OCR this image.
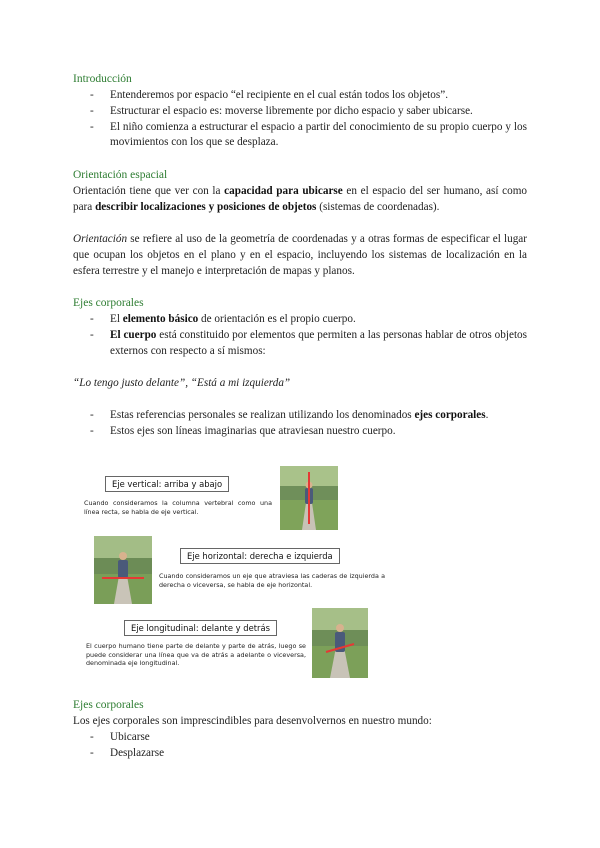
Introducción
- Entenderemos por espacio “el recipiente en el cual están todos los objetos”.
- Estructurar el espacio es: moverse libremente por dicho espacio y saber ubicarse.
- El niño comienza a estructurar el espacio a partir del conocimiento de su propio cuerpo y los movimientos con los que se desplaza.
Orientación espacial
Orientación tiene que ver con la capacidad para ubicarse en el espacio del ser humano, así como para describir localizaciones y posiciones de objetos (sistemas de coordenadas).
Orientación se refiere al uso de la geometría de coordenadas y a otras formas de especificar el lugar que ocupan los objetos en el plano y en el espacio, incluyendo los sistemas de localización en la esfera terrestre y el manejo e interpretación de mapas y planos.
Ejes corporales
- El elemento básico de orientación es el propio cuerpo.
- El cuerpo está constituido por elementos que permiten a las personas hablar de otros objetos externos con respecto a sí mismos:
“Lo tengo justo delante”, “Está a mi izquierda”
- Estas referencias personales se realizan utilizando los denominados ejes corporales.
- Estos ejes son líneas imaginarias que atraviesan nuestro cuerpo.
Eje vertical: arriba y abajo
Cuando consideramos la columna vertebral como una línea recta, se habla de eje vertical.
Eje horizontal: derecha e izquierda
Cuando consideramos un eje que atraviesa las caderas de izquierda a derecha o viceversa, se habla de eje horizontal.
Eje longitudinal: delante y detrás
El cuerpo humano tiene parte de delante y parte de atrás, luego se puede considerar una línea que va de atrás a adelante o viceversa, denominada eje longitudinal.
Ejes corporales
Los ejes corporales son imprescindibles para desenvolvernos en nuestro mundo:
- Ubicarse
- Desplazarse
